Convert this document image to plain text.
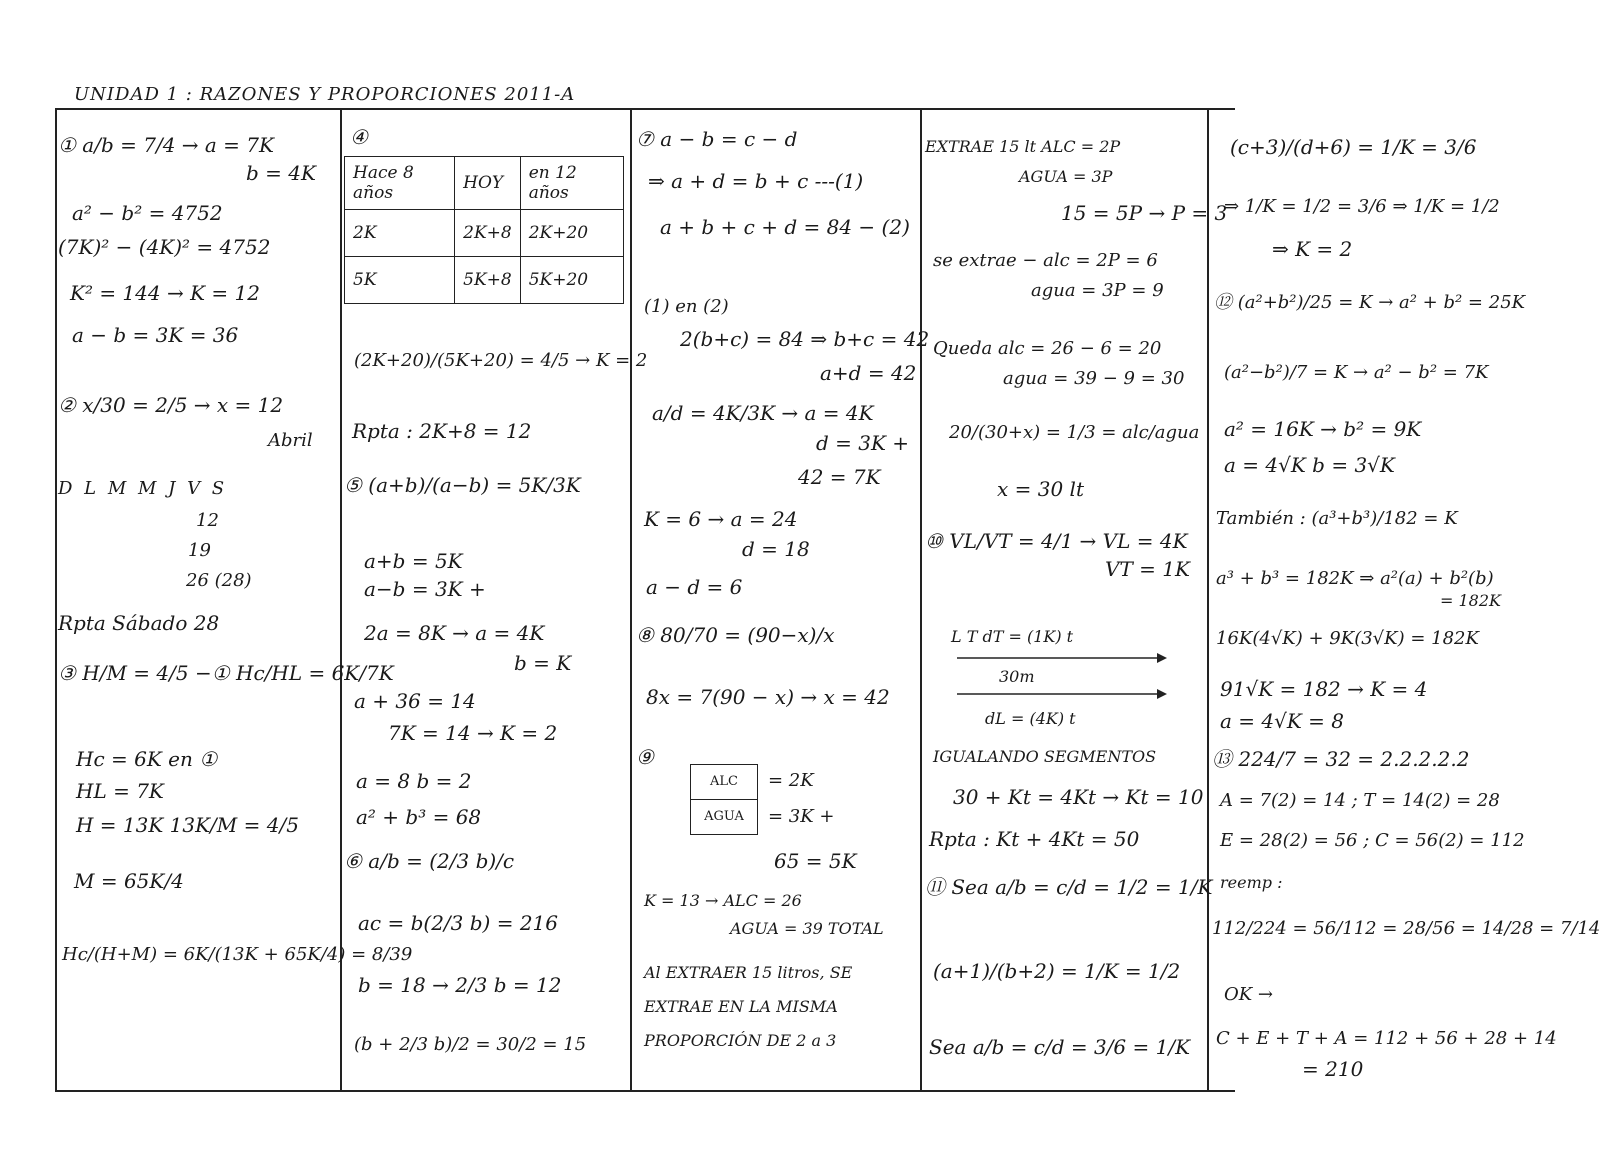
UNIDAD 1 : RAZONES Y PROPORCIONES 2011-A
① a/b = 7/4 → a = 7K
b = 4K
a² − b² = 4752
(7K)² − (4K)² = 4752
K² = 144 → K = 12
a − b = 3K = 36
② x/30 = 2/5 → x = 12
Abril
D L M M J V S
12
19
26 (28)
Rpta Sábado 28
③ H/M = 4/5 −① Hc/HL = 6K/7K
Hc = 6K en ①
HL = 7K
H = 13K 13K/M = 4/5
M = 65K/4
Hc/(H+M) = 6K/(13K + 65K/4) = 8/39
④
Hace 8 años	HOY	en 12 años
2K	2K+8	2K+20
5K	5K+8	5K+20
(2K+20)/(5K+20) = 4/5 → K = 2
Rpta : 2K+8 = 12
⑤ (a+b)/(a−b) = 5K/3K
a+b = 5K
a−b = 3K +
2a = 8K → a = 4K
b = K
a + 36 = 14
7K = 14 → K = 2
a = 8 b = 2
a² + b³ = 68
⑥ a/b = (2/3 b)/c
ac = b(2/3 b) = 216
b = 18 → 2/3 b = 12
(b + 2/3 b)/2 = 30/2 = 15
⑦ a − b = c − d
⇒ a + d = b + c ---(1)
a + b + c + d = 84 − (2)
(1) en (2)
2(b+c) = 84 ⇒ b+c = 42
a+d = 42
a/d = 4K/3K → a = 4K
d = 3K +
42 = 7K
K = 6 → a = 24
d = 18
a − d = 6
⑧ 80/70 = (90−x)/x
8x = 7(90 − x) → x = 42
⑨
ALC
AGUA
= 2K
= 3K +
65 = 5K
K = 13 → ALC = 26
AGUA = 39 TOTAL
Al EXTRAER 15 litros, SE
EXTRAE EN LA MISMA
PROPORCIÓN DE 2 a 3
EXTRAE 15 lt ALC = 2P
AGUA = 3P
15 = 5P → P = 3
se extrae − alc = 2P = 6
agua = 3P = 9
Queda alc = 26 − 6 = 20
agua = 39 − 9 = 30
20/(30+x) = 1/3 = alc/agua
x = 30 lt
⑩ VL/VT = 4/1 → VL = 4K
VT = 1K
L T dT = (1K) t
30m
dL = (4K) t
IGUALANDO SEGMENTOS
30 + Kt = 4Kt → Kt = 10
Rpta : Kt + 4Kt = 50
⑪ Sea a/b = c/d = 1/2 = 1/K
(a+1)/(b+2) = 1/K = 1/2
Sea a/b = c/d = 3/6 = 1/K
(c+3)/(d+6) = 1/K = 3/6
⇒ 1/K = 1/2 = 3/6 ⇒ 1/K = 1/2
⇒ K = 2
⑫ (a²+b²)/25 = K → a² + b² = 25K
(a²−b²)/7 = K → a² − b² = 7K
a² = 16K → b² = 9K
a = 4√K b = 3√K
También : (a³+b³)/182 = K
a³ + b³ = 182K ⇒ a²(a) + b²(b)
= 182K
16K(4√K) + 9K(3√K) = 182K
91√K = 182 → K = 4
a = 4√K = 8
⑬ 224/7 = 32 = 2.2.2.2.2
A = 7(2) = 14 ; T = 14(2) = 28
E = 28(2) = 56 ; C = 56(2) = 112
reemp :
112/224 = 56/112 = 28/56 = 14/28 = 7/14
OK →
C + E + T + A = 112 + 56 + 28 + 14
= 210
